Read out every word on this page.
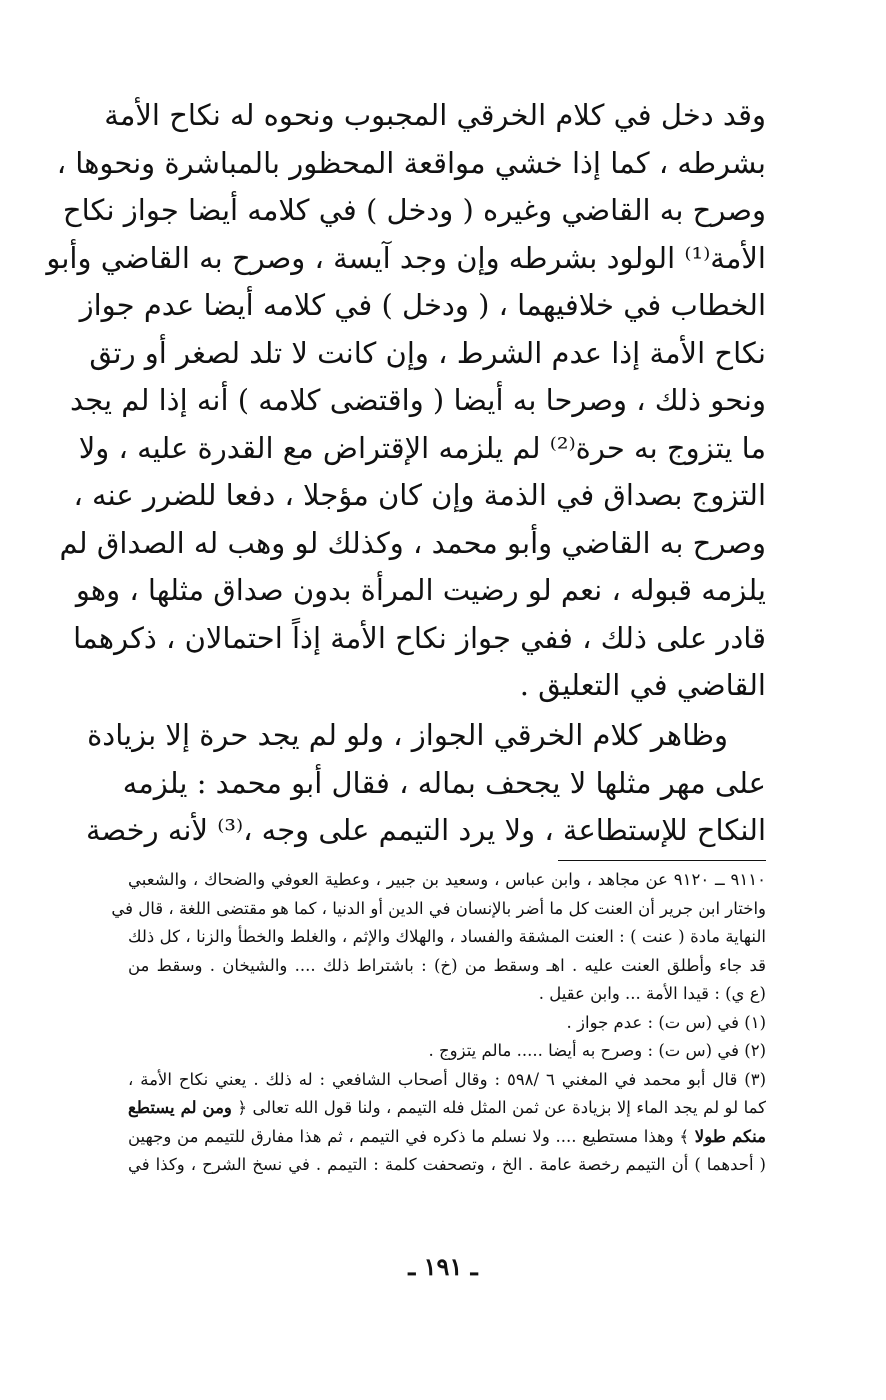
وقد دخل في كلام الخرقي المجبوب ونحوه له نكاح الأمة
بشرطه ، كما إذا خشي مواقعة المحظور بالمباشرة ونحوها ،
وصرح به القاضي وغيره ( ودخل ) في كلامه أيضا جواز نكاح
الأمة⁽¹⁾ الولود بشرطه وإن وجد آيسة ، وصرح به القاضي وأبو
الخطاب في خلافيهما ، ( ودخل ) في كلامه أيضا عدم جواز
نكاح الأمة إذا عدم الشرط ، وإن كانت لا تلد لصغر أو رتق
ونحو ذلك ، وصرحا به أيضا ( واقتضى كلامه ) أنه إذا لم يجد
ما يتزوج به حرة⁽²⁾ لم يلزمه الإقتراض مع القدرة عليه ، ولا
التزوج بصداق في الذمة وإن كان مؤجلا ، دفعا للضرر عنه ،
وصرح به القاضي وأبو محمد ، وكذلك لو وهب له الصداق لم
يلزمه قبوله ، نعم لو رضيت المرأة بدون صداق مثلها ، وهو
قادر على ذلك ، ففي جواز نكاح الأمة إذاً احتمالان ، ذكرهما
القاضي في التعليق .
وظاهر كلام الخرقي الجواز ، ولو لم يجد حرة إلا بزيادة
على مهر مثلها لا يجحف بماله ، فقال أبو محمد : يلزمه
النكاح للإستطاعة ، ولا يرد التيمم على وجه ،⁽³⁾ لأنه رخصة
٩١١٠ ــ ٩١٢٠ عن مجاهد ، وابن عباس ، وسعيد بن جبير ، وعطية العوفي والضحاك ، والشعبي
واختار ابن جرير أن العنت كل ما أضر بالإنسان في الدين أو الدنيا ، كما هو مقتضى اللغة ، قال في
النهاية مادة ( عنت ) : العنت المشقة والفساد ، والهلاك والإثم ، والغلط والخطأ والزنا ، كل ذلك
قد جاء وأطلق العنت عليه . اهـ وسقط من (خ) : باشتراط ذلك .... والشيخان . وسقط من
(ع ي) : قيدا الأمة ... وابن عقيل .
(١) في (س ت) : عدم جواز .
(٢) في (س ت) : وصرح به أيضا ..... مالم يتزوج .
(٣) قال أبو محمد في المغني ٦ /٥٩٨ : وقال أصحاب الشافعي : له ذلك . يعني نكاح الأمة ،
كما لو لم يجد الماء إلا بزيادة عن ثمن المثل فله التيمم ، ولنا قول الله تعالى ﴿ ومن لم يستطع
منكم طولا ﴾ وهذا مستطيع .... ولا نسلم ما ذكره في التيمم ، ثم هذا مفارق للتيمم من وجهين
( أحدهما ) أن التيمم رخصة عامة . الخ ، وتصحفت كلمة : التيمم . في نسخ الشرح ، وكذا في
ـ ١٩١ ـ
